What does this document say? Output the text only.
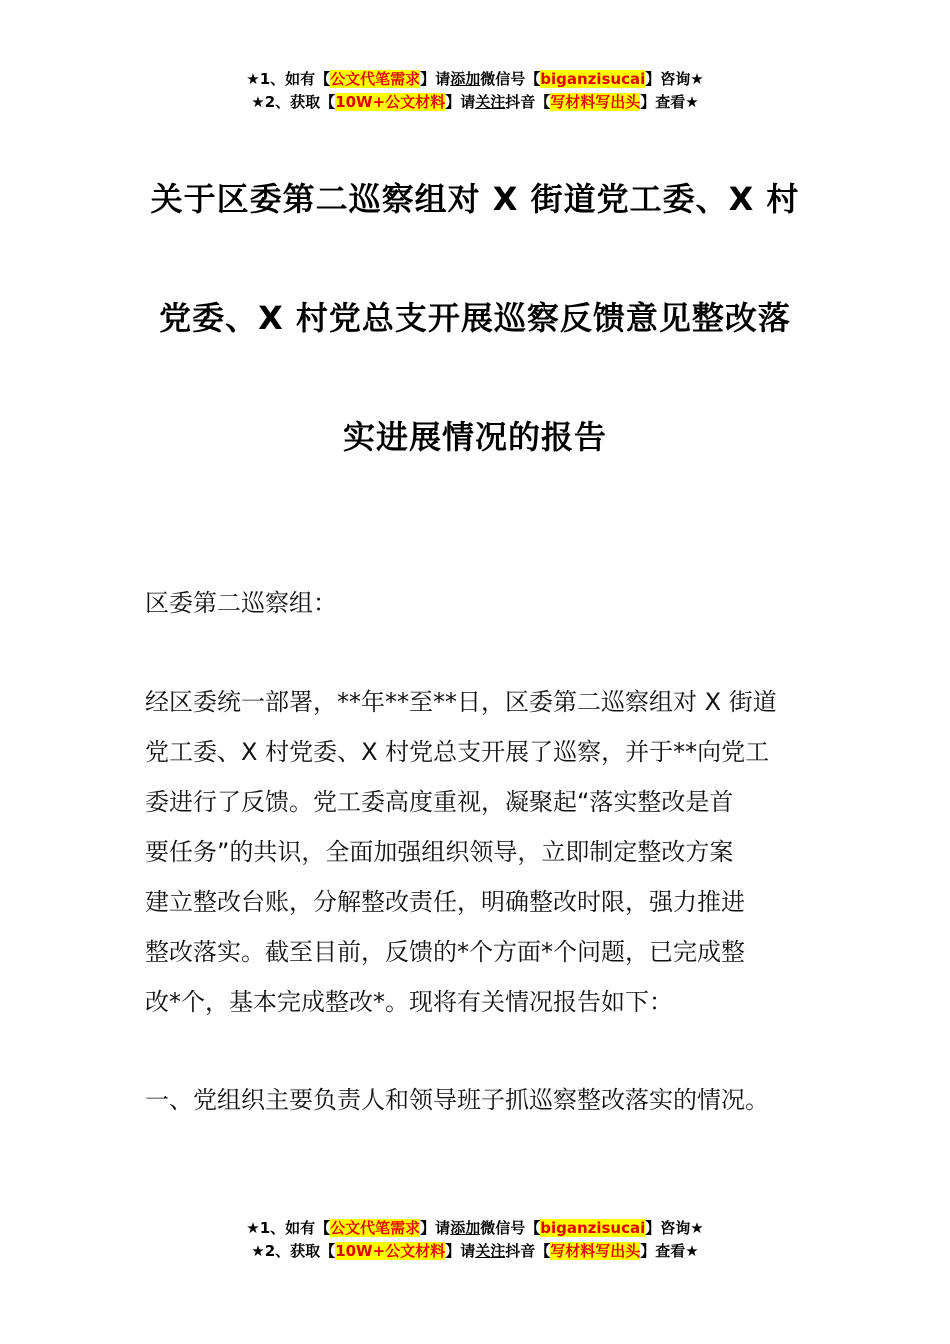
★1、如有【公文代笔需求】请添加微信号【biganzisucai】咨询★
★2、获取【10W+公文材料】请关注抖音【写材料写出头】查看★
关于区委第二巡察组对 X 街道党工委、X 村
党委、X 村党总支开展巡察反馈意见整改落
实进展情况的报告
区委第二巡察组：
经区委统一部署，**年**至**日，区委第二巡察组对 X 街道
党工委、X 村党委、X 村党总支开展了巡察，并于**向党工
委进行了反馈。党工委高度重视，凝聚起“落实整改是首
要任务”的共识，全面加强组织领导，立即制定整改方案
建立整改台账，分解整改责任，明确整改时限，强力推进
整改落实。截至目前，反馈的*个方面*个问题，已完成整
改*个，基本完成整改*。现将有关情况报告如下：
一、党组织主要负责人和领导班子抓巡察整改落实的情况。
★1、如有【公文代笔需求】请添加微信号【biganzisucai】咨询★
★2、获取【10W+公文材料】请关注抖音【写材料写出头】查看★
